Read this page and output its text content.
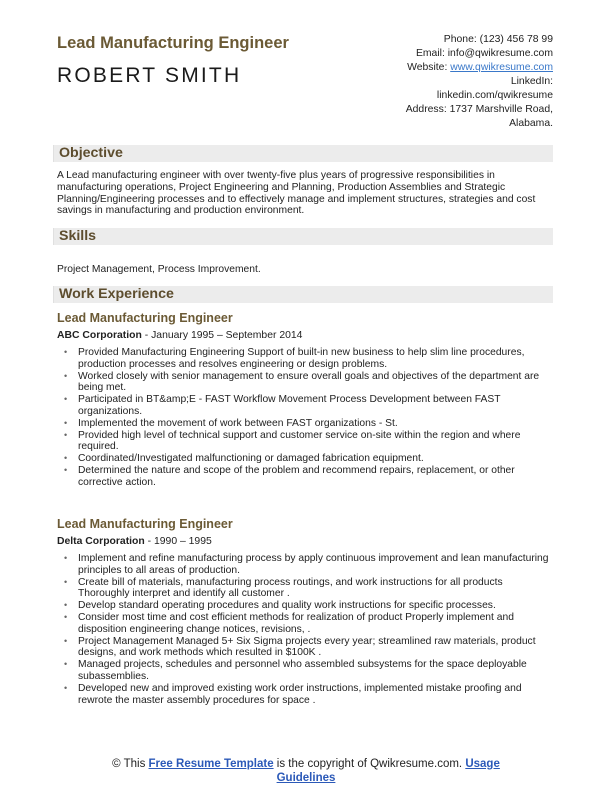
Lead Manufacturing Engineer
ROBERT SMITH
Phone: (123) 456 78 99
Email: info@qwikresume.com
Website: www.qwikresume.com
LinkedIn:
linkedin.com/qwikresume
Address: 1737 Marshville Road,
Alabama.
Objective
A Lead manufacturing engineer with over twenty-five plus years of progressive responsibilities in manufacturing operations, Project Engineering and Planning, Production Assemblies and Strategic Planning/Engineering processes and to effectively manage and implement structures, strategies and cost savings in manufacturing and production environment.
Skills
Project Management, Process Improvement.
Work Experience
Lead Manufacturing Engineer
ABC Corporation - January 1995 – September 2014
• Provided Manufacturing Engineering Support of built-in new business to help slim line procedures, production processes and resolves engineering or design problems.
• Worked closely with senior management to ensure overall goals and objectives of the department are being met.
• Participated in BT&amp;E - FAST Workflow Movement Process Development between FAST organizations.
• Implemented the movement of work between FAST organizations - St.
• Provided high level of technical support and customer service on-site within the region and where required.
• Coordinated/Investigated malfunctioning or damaged fabrication equipment.
• Determined the nature and scope of the problem and recommend repairs, replacement, or other corrective action.
Lead Manufacturing Engineer
Delta Corporation - 1990 – 1995
• Implement and refine manufacturing process by apply continuous improvement and lean manufacturing principles to all areas of production.
• Create bill of materials, manufacturing process routings, and work instructions for all products Thoroughly interpret and identify all customer .
• Develop standard operating procedures and quality work instructions for specific processes.
• Consider most time and cost efficient methods for realization of product Properly implement and disposition engineering change notices, revisions, .
• Project Management Managed 5+ Six Sigma projects every year; streamlined raw materials, product designs, and work methods which resulted in $100K .
• Managed projects, schedules and personnel who assembled subsystems for the space deployable subassemblies.
• Developed new and improved existing work order instructions, implemented mistake proofing and rewrote the master assembly procedures for space .
© This Free Resume Template is the copyright of Qwikresume.com. Usage
Guidelines
